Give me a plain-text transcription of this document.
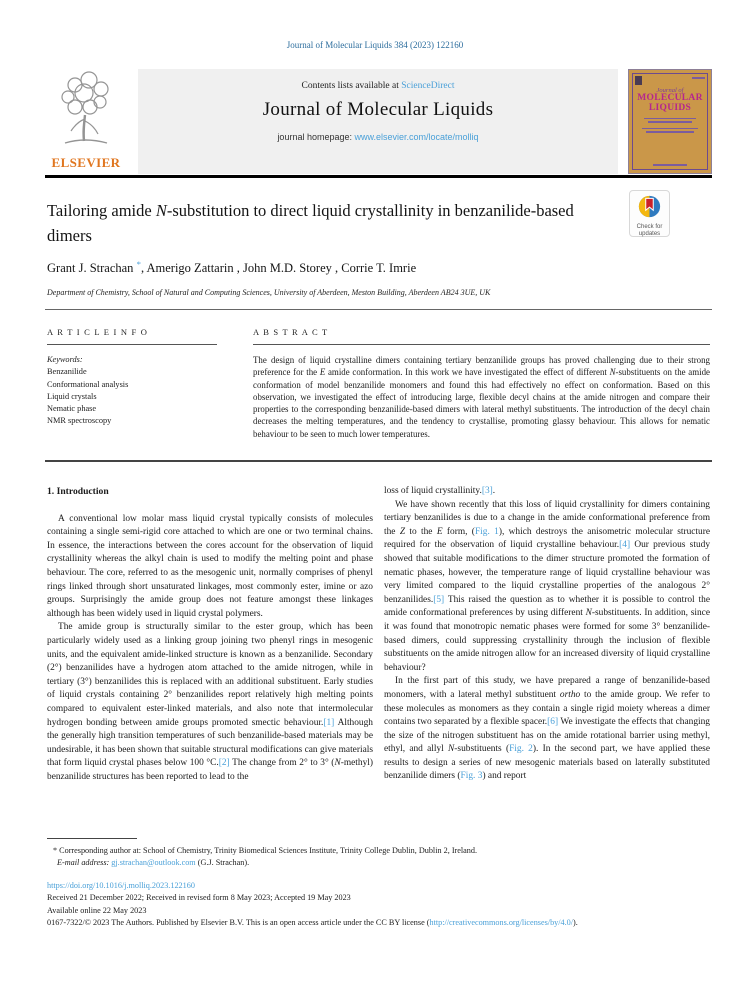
Journal of Molecular Liquids 384 (2023) 122160
ELSEVIER
Contents lists available at ScienceDirect
Journal of Molecular Liquids
journal homepage: www.elsevier.com/locate/molliq
Journal of
MOLECULAR
LIQUIDS
Tailoring amide N-substitution to direct liquid crystallinity in benzanilide-based dimers	Check for updates
Grant J. Strachan *, Amerigo Zattarin , John M.D. Storey , Corrie T. Imrie
Department of Chemistry, School of Natural and Computing Sciences, University of Aberdeen, Meston Building, Aberdeen AB24 3UE, UK
A R T I C L E I N F O
Keywords:
Benzanilide
Conformational analysis
Liquid crystals
Nematic phase
NMR spectroscopy
A B S T R A C T

The design of liquid crystalline dimers containing tertiary benzanilide groups has proved challenging due to their strong preference for the E amide conformation. In this work we have investigated the effect of different N-substituents on the amide conformation of model benzanilide monomers and found this had effectively no effect on conformation. Based on this observation, we investigated the effect of introducing large, flexible decyl chains at the amide nitrogen and compare their properties to the corresponding benzanilide-based dimers with lateral methyl substituents. The introduction of the decyl chain decreases the melting temperatures, and the tendency to crystallise, promoting glassy behaviour. This allows for nematic behaviour to be seen to much lower temperatures.

1. Introduction

A conventional low molar mass liquid crystal typically consists of molecules containing a single semi-rigid core attached to which are one or two terminal chains. In essence, the interactions between the cores account for the observation of liquid crystallinity whereas the alkyl chain is used to modify the melting point and phase behaviour. The core, referred to as the mesogenic unit, normally comprises of phenyl rings linked through short unsaturated linkages, most commonly ester, imine or azo groups. Surprisingly the amide group does not feature amongst these linkages although has been widely used in liquid crystal polymers.

The amide group is structurally similar to the ester group, which has been particularly widely used as a linking group joining two phenyl rings in mesogenic units, and the equivalent amide-linked structure is known as a benzanilide. Secondary (2°) benzanilides have a hydrogen atom attached to the amide nitrogen, while in tertiary (3°) benzanilides this is replaced with an additional substituent. Early studies of liquid crystals containing 2° benzanilides report relatively high melting points compared to equivalent ester-linked materials, and also note that intermolecular hydrogen bonding between amide groups promoted smectic behaviour.[1] Although the generally high transition temperatures of such benzanilide-based materials may be undesirable, it has been shown that suitable structural modifications can give materials that form liquid crystal phases below 100 °C.[2] The change from 2° to 3° (N-methyl) benzanilide structures has been reported to lead to the

loss of liquid crystallinity.[3].

We have shown recently that this loss of liquid crystallinity for dimers containing tertiary benzanilides is due to a change in the amide conformational preference from the Z to the E form, (Fig. 1), which destroys the anisometric molecular structure required for the observation of liquid crystalline behaviour.[4] Our previous study showed that suitable modifications to the dimer structure promoted the formation of nematic phases, however, the temperature range of liquid crystalline behaviour was very limited compared to the liquid crystalline properties of the analogous 2° benzanilides.[5] This raised the question as to whether it is possible to control the amide conformational preferences by using different N-substituents. In addition, since it was found that monotropic nematic phases were formed for some 3° benzanilide-based dimers, could suppressing crystallinity through the inclusion of flexible substituents on the amide nitrogen allow for an increased diversity of liquid crystalline behaviour?

In the first part of this study, we have prepared a range of benzanilide-based monomers, with a lateral methyl substituent ortho to the amide group. We refer to these molecules as monomers as they contain a single rigid moiety whereas a dimer contains two separated by a flexible spacer.[6] We investigate the effects that changing the size of the nitrogen substituent has on the amide rotational barrier using methyl, ethyl, and allyl N-substituents (Fig. 2). In the second part, we have applied these results to design a series of new mesogenic materials based on laterally substituted benzanilide dimers (Fig. 3) and report

* Corresponding author at: School of Chemistry, Trinity Biomedical Sciences Institute, Trinity College Dublin, Dublin 2, Ireland.

E-mail address: gj.strachan@outlook.com (G.J. Strachan).

https://doi.org/10.1016/j.molliq.2023.122160
Received 21 December 2022; Received in revised form 8 May 2023; Accepted 19 May 2023
Available online 22 May 2023

0167-7322/© 2023 The Authors. Published by Elsevier B.V. This is an open access article under the CC BY license (http://creativecommons.org/licenses/by/4.0/).
